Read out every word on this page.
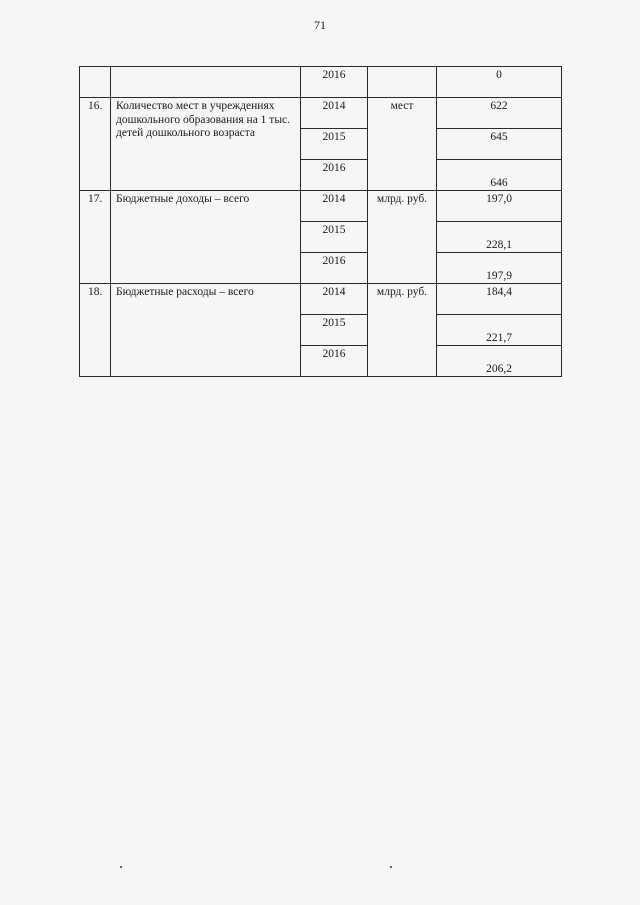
71
		2016		0
16.	Количество мест в учреждениях дошкольного образования на 1 тыс. детей дошкольного возраста	2014	мест	622
		2015		645
		2016		646
17.	Бюджетные доходы – всего	2014	млрд. руб.	197,0
		2015		228,1
		2016		197,9
18.	Бюджетные расходы – всего	2014	млрд. руб.	184,4
		2015		221,7
		2016		206,2
